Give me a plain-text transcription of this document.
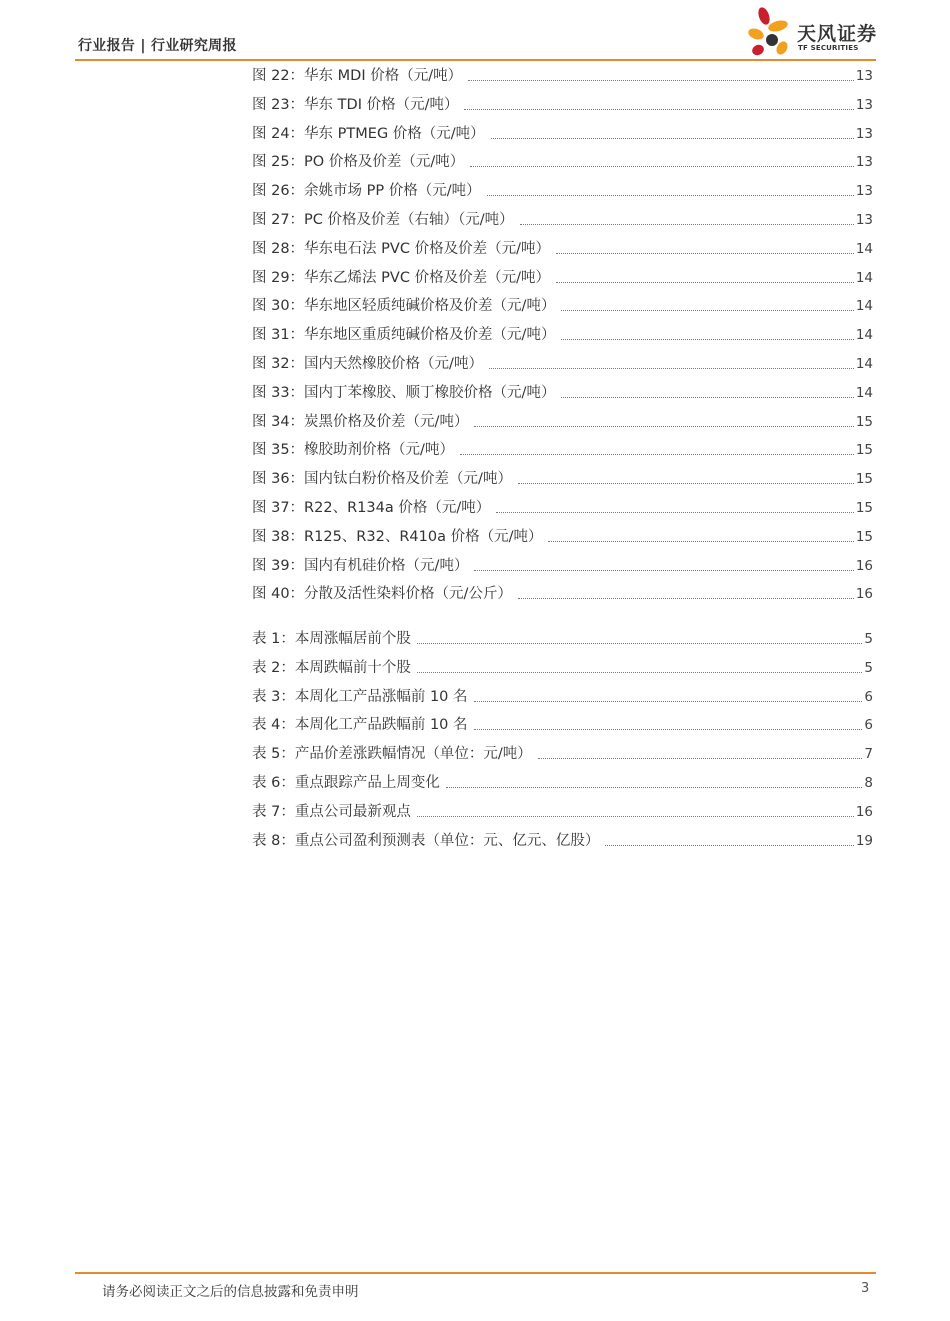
行业报告 | 行业研究周报
天风证券
TF SECURITIES
图 22：华东 MDI 价格（元/吨）	13
图 23：华东 TDI 价格（元/吨）	13
图 24：华东 PTMEG 价格（元/吨）	13
图 25：PO 价格及价差（元/吨）	13
图 26：余姚市场 PP 价格（元/吨）	13
图 27：PC 价格及价差（右轴）（元/吨）	13
图 28：华东电石法 PVC 价格及价差（元/吨）	14
图 29：华东乙烯法 PVC 价格及价差（元/吨）	14
图 30：华东地区轻质纯碱价格及价差（元/吨）	14
图 31：华东地区重质纯碱价格及价差（元/吨）	14
图 32：国内天然橡胶价格（元/吨）	14
图 33：国内丁苯橡胶、顺丁橡胶价格（元/吨）	14
图 34：炭黑价格及价差（元/吨）	15
图 35：橡胶助剂价格（元/吨）	15
图 36：国内钛白粉价格及价差（元/吨）	15
图 37：R22、R134a 价格（元/吨）	15
图 38：R125、R32、R410a 价格（元/吨）	15
图 39：国内有机硅价格（元/吨）	16
图 40：分散及活性染料价格（元/公斤）	16
表 1：本周涨幅居前个股	5
表 2：本周跌幅前十个股	5
表 3：本周化工产品涨幅前 10 名	6
表 4：本周化工产品跌幅前 10 名	6
表 5：产品价差涨跌幅情况（单位：元/吨）	7
表 6：重点跟踪产品上周变化	8
表 7：重点公司最新观点	16
表 8：重点公司盈利预测表（单位：元、亿元、亿股）	19
请务必阅读正文之后的信息披露和免责申明	3
